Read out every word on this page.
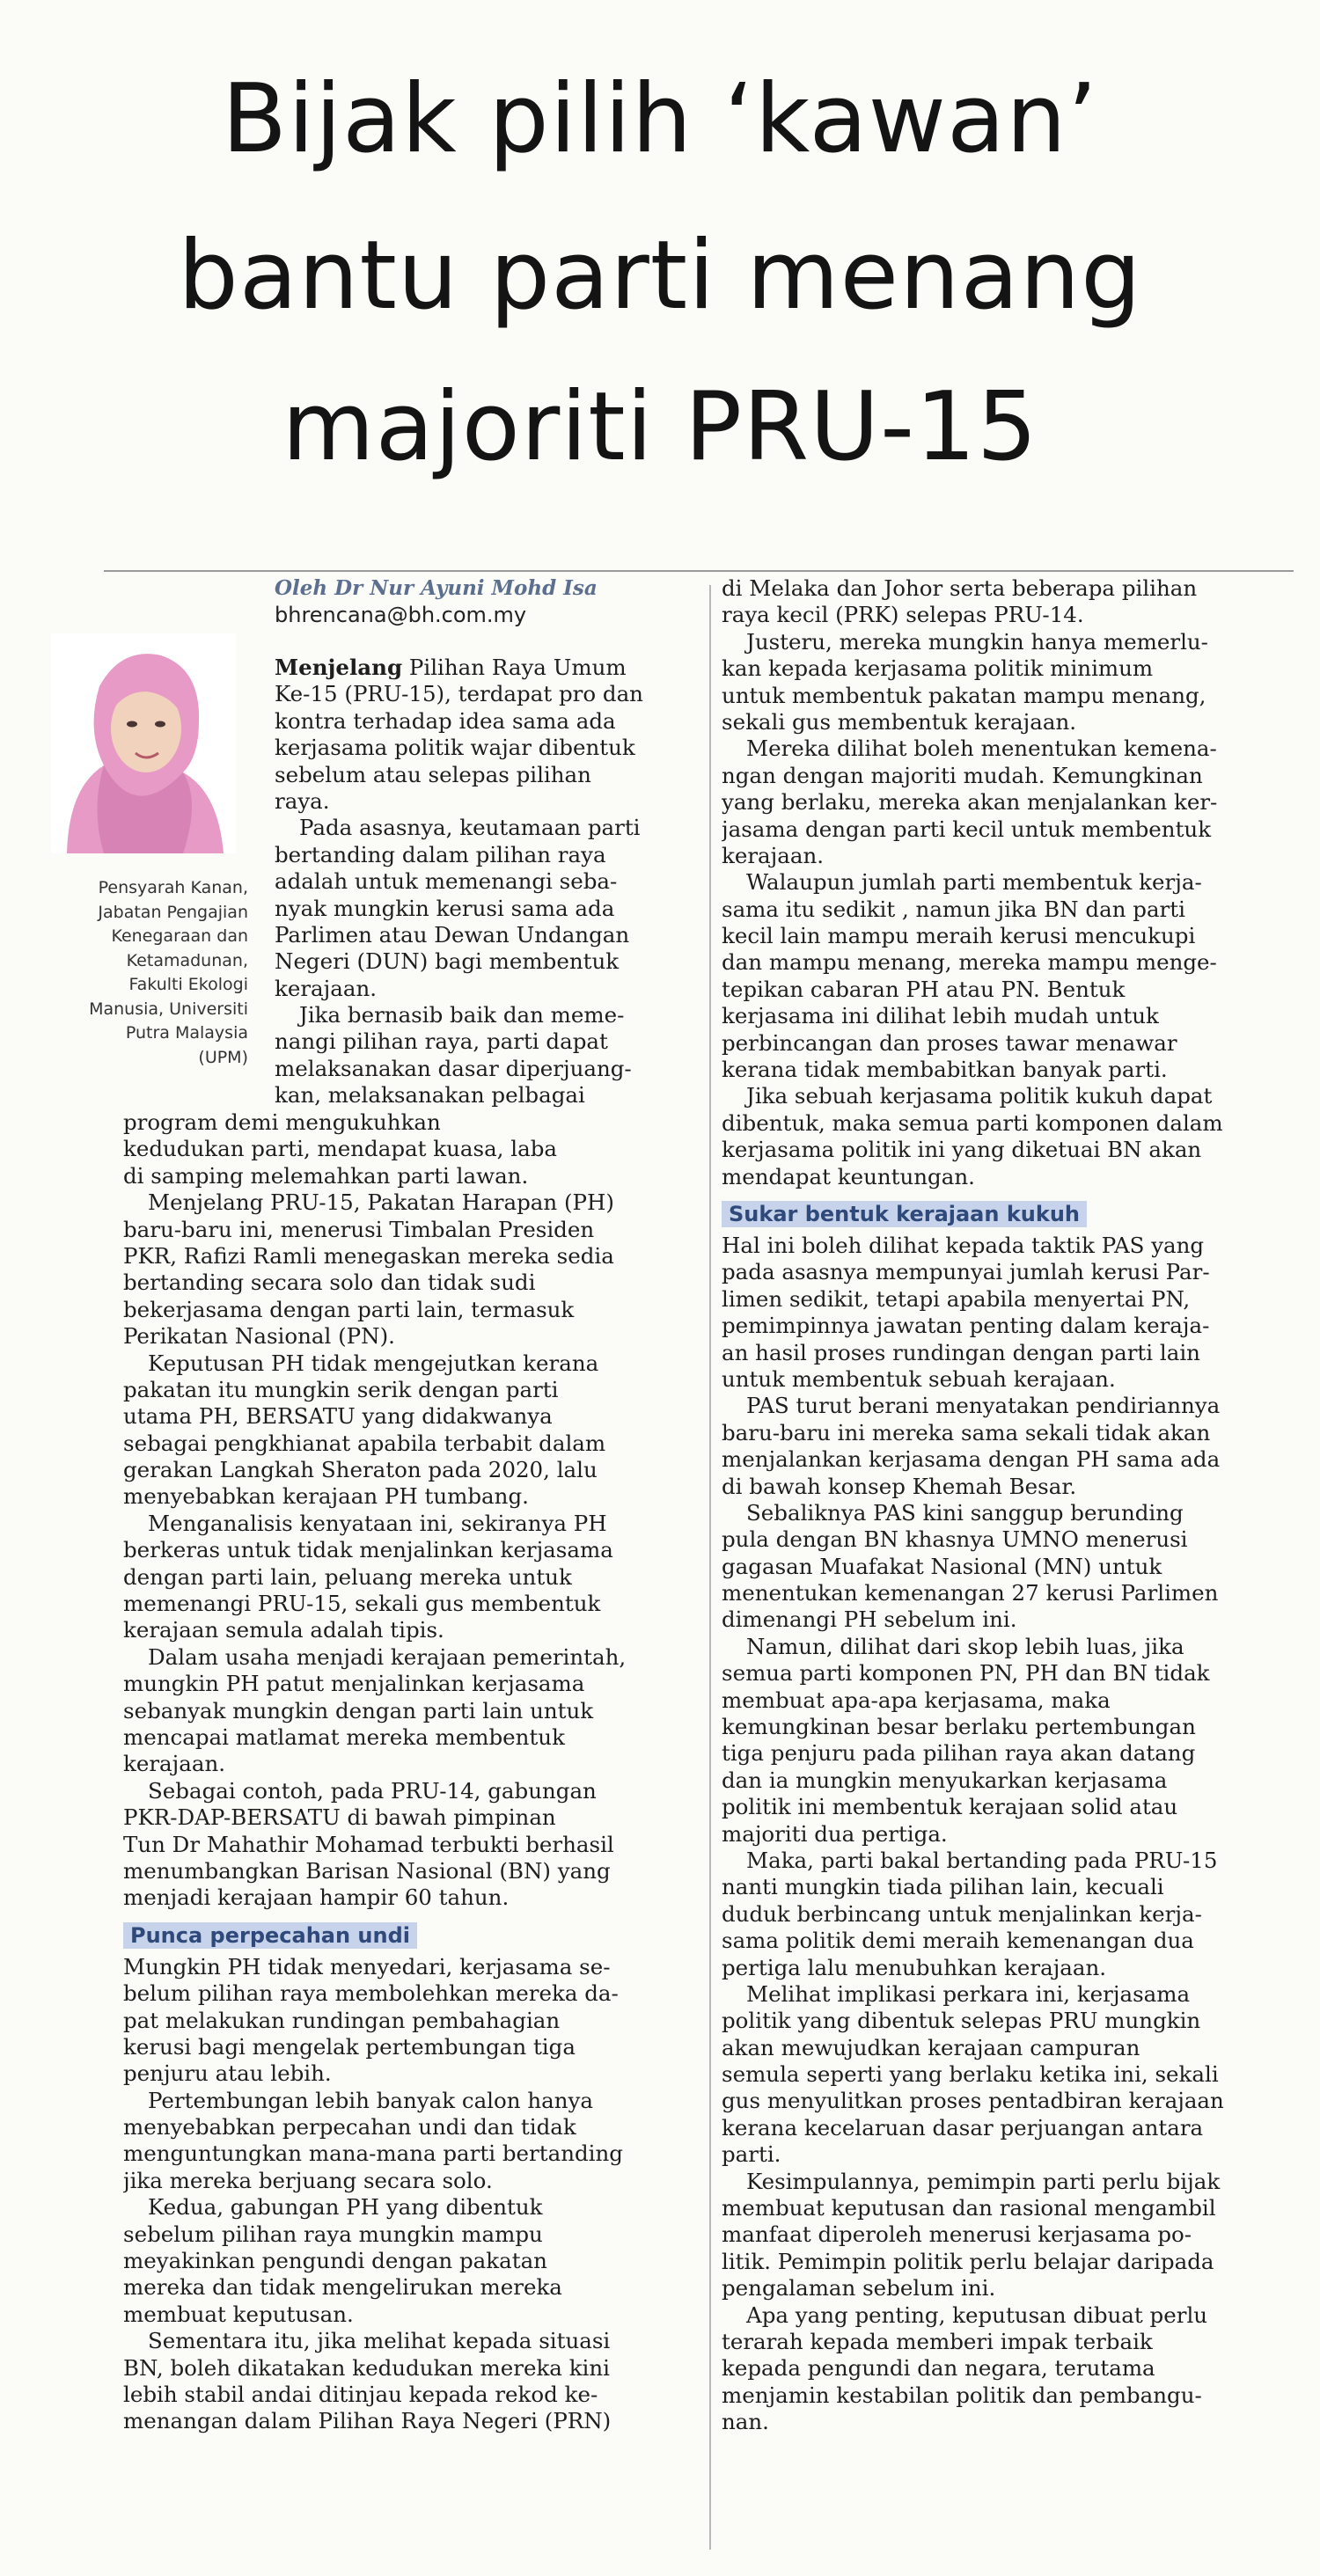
Bijak pilih ‘kawan’
bantu parti menang
majoriti PRU-15
Pensyarah Kanan,
Jabatan Pengajian
Kenegaraan dan
Ketamadunan,
Fakulti Ekologi
Manusia, Universiti
Putra Malaysia
(UPM)
Oleh Dr Nur Ayuni Mohd Isa
bhrencana@bh.com.my
Menjelang Pilihan Raya Umum
Ke-15 (PRU-15), terdapat pro dan
kontra terhadap idea sama ada
kerjasama politik wajar dibentuk
sebelum atau selepas pilihan
raya.
Pada asasnya, keutamaan parti
bertanding dalam pilihan raya
adalah untuk memenangi seba-
nyak mungkin kerusi sama ada
Parlimen atau Dewan Undangan
Negeri (DUN) bagi membentuk
kerajaan.
Jika bernasib baik dan meme-
nangi pilihan raya, parti dapat
melaksanakan dasar diperjuang-
kan, melaksanakan pelbagai
program demi mengukuhkan
kedudukan parti, mendapat kuasa, laba
di samping melemahkan parti lawan.
Menjelang PRU-15, Pakatan Harapan (PH)
baru-baru ini, menerusi Timbalan Presiden
PKR, Rafizi Ramli menegaskan mereka sedia
bertanding secara solo dan tidak sudi
bekerjasama dengan parti lain, termasuk
Perikatan Nasional (PN).
Keputusan PH tidak mengejutkan kerana
pakatan itu mungkin serik dengan parti
utama PH, BERSATU yang didakwanya
sebagai pengkhianat apabila terbabit dalam
gerakan Langkah Sheraton pada 2020, lalu
menyebabkan kerajaan PH tumbang.
Menganalisis kenyataan ini, sekiranya PH
berkeras untuk tidak menjalinkan kerjasama
dengan parti lain, peluang mereka untuk
memenangi PRU-15, sekali gus membentuk
kerajaan semula adalah tipis.
Dalam usaha menjadi kerajaan pemerintah,
mungkin PH patut menjalinkan kerjasama
sebanyak mungkin dengan parti lain untuk
mencapai matlamat mereka membentuk
kerajaan.
Sebagai contoh, pada PRU-14, gabungan
PKR-DAP-BERSATU di bawah pimpinan
Tun Dr Mahathir Mohamad terbukti berhasil
menumbangkan Barisan Nasional (BN) yang
menjadi kerajaan hampir 60 tahun.
Punca perpecahan undi
Mungkin PH tidak menyedari, kerjasama se-
belum pilihan raya membolehkan mereka da-
pat melakukan rundingan pembahagian
kerusi bagi mengelak pertembungan tiga
penjuru atau lebih.
Pertembungan lebih banyak calon hanya
menyebabkan perpecahan undi dan tidak
menguntungkan mana-mana parti bertanding
jika mereka berjuang secara solo.
Kedua, gabungan PH yang dibentuk
sebelum pilihan raya mungkin mampu
meyakinkan pengundi dengan pakatan
mereka dan tidak mengelirukan mereka
membuat keputusan.
Sementara itu, jika melihat kepada situasi
BN, boleh dikatakan kedudukan mereka kini
lebih stabil andai ditinjau kepada rekod ke-
menangan dalam Pilihan Raya Negeri (PRN)
di Melaka dan Johor serta beberapa pilihan
raya kecil (PRK) selepas PRU-14.
Justeru, mereka mungkin hanya memerlu-
kan kepada kerjasama politik minimum
untuk membentuk pakatan mampu menang,
sekali gus membentuk kerajaan.
Mereka dilihat boleh menentukan kemena-
ngan dengan majoriti mudah. Kemungkinan
yang berlaku, mereka akan menjalankan ker-
jasama dengan parti kecil untuk membentuk
kerajaan.
Walaupun jumlah parti membentuk kerja-
sama itu sedikit , namun jika BN dan parti
kecil lain mampu meraih kerusi mencukupi
dan mampu menang, mereka mampu menge-
tepikan cabaran PH atau PN. Bentuk
kerjasama ini dilihat lebih mudah untuk
perbincangan dan proses tawar menawar
kerana tidak membabitkan banyak parti.
Jika sebuah kerjasama politik kukuh dapat
dibentuk, maka semua parti komponen dalam
kerjasama politik ini yang diketuai BN akan
mendapat keuntungan.
Sukar bentuk kerajaan kukuh
Hal ini boleh dilihat kepada taktik PAS yang
pada asasnya mempunyai jumlah kerusi Par-
limen sedikit, tetapi apabila menyertai PN,
pemimpinnya jawatan penting dalam keraja-
an hasil proses rundingan dengan parti lain
untuk membentuk sebuah kerajaan.
PAS turut berani menyatakan pendiriannya
baru-baru ini mereka sama sekali tidak akan
menjalankan kerjasama dengan PH sama ada
di bawah konsep Khemah Besar.
Sebaliknya PAS kini sanggup berunding
pula dengan BN khasnya UMNO menerusi
gagasan Muafakat Nasional (MN) untuk
menentukan kemenangan 27 kerusi Parlimen
dimenangi PH sebelum ini.
Namun, dilihat dari skop lebih luas, jika
semua parti komponen PN, PH dan BN tidak
membuat apa-apa kerjasama, maka
kemungkinan besar berlaku pertembungan
tiga penjuru pada pilihan raya akan datang
dan ia mungkin menyukarkan kerjasama
politik ini membentuk kerajaan solid atau
majoriti dua pertiga.
Maka, parti bakal bertanding pada PRU-15
nanti mungkin tiada pilihan lain, kecuali
duduk berbincang untuk menjalinkan kerja-
sama politik demi meraih kemenangan dua
pertiga lalu menubuhkan kerajaan.
Melihat implikasi perkara ini, kerjasama
politik yang dibentuk selepas PRU mungkin
akan mewujudkan kerajaan campuran
semula seperti yang berlaku ketika ini, sekali
gus menyulitkan proses pentadbiran kerajaan
kerana kecelaruan dasar perjuangan antara
parti.
Kesimpulannya, pemimpin parti perlu bijak
membuat keputusan dan rasional mengambil
manfaat diperoleh menerusi kerjasama po-
litik. Pemimpin politik perlu belajar daripada
pengalaman sebelum ini.
Apa yang penting, keputusan dibuat perlu
terarah kepada memberi impak terbaik
kepada pengundi dan negara, terutama
menjamin kestabilan politik dan pembangu-
nan.
